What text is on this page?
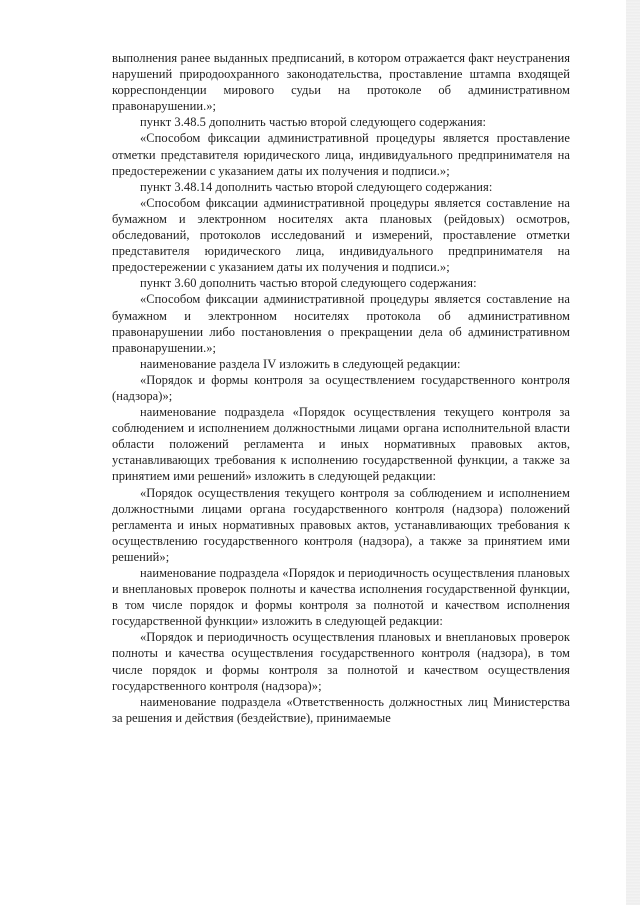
выполнения ранее выданных предписаний, в котором отражается факт неустранения нарушений природоохранного законодательства, проставление штампа входящей корреспонденции мирового судьи на протоколе об административном правонарушении.»;

пункт 3.48.5 дополнить частью второй следующего содержания:

«Способом фиксации административной процедуры является проставление отметки представителя юридического лица, индивидуального предпринимателя на предостережении с указанием даты их получения и подписи.»;

пункт 3.48.14 дополнить частью второй следующего содержания:

«Способом фиксации административной процедуры является составление на бумажном и электронном носителях акта плановых (рейдовых) осмотров, обследований, протоколов исследований и измерений, проставление отметки представителя юридического лица, индивидуального предпринимателя на предостережении с указанием даты их получения и подписи.»;

пункт 3.60 дополнить частью второй следующего содержания:

«Способом фиксации административной процедуры является составление на бумажном и электронном носителях протокола об административном правонарушении либо постановления о прекращении дела об административном правонарушении.»;

наименование раздела IV изложить в следующей редакции:

«Порядок и формы контроля за осуществлением государственного контроля (надзора)»;

наименование подраздела «Порядок осуществления текущего контроля за соблюдением и исполнением должностными лицами органа исполнительной власти области положений регламента и иных нормативных правовых актов, устанавливающих требования к исполнению государственной функции, а также за принятием ими решений» изложить в следующей редакции:

«Порядок осуществления текущего контроля за соблюдением и исполнением должностными лицами органа государственного контроля (надзора) положений регламента и иных нормативных правовых актов, устанавливающих требования к осуществлению государственного контроля (надзора), а также за принятием ими решений»;

наименование подраздела «Порядок и периодичность осуществления плановых и внеплановых проверок полноты и качества исполнения государственной функции, в том числе порядок и формы контроля за полнотой и качеством исполнения государственной функции» изложить в следующей редакции:

«Порядок и периодичность осуществления плановых и внеплановых проверок полноты и качества осуществления государственного контроля (надзора), в том числе порядок и формы контроля за полнотой и качеством осуществления государственного контроля (надзора)»;

наименование подраздела «Ответственность должностных лиц Министерства за решения и действия (бездействие), принимаемые
